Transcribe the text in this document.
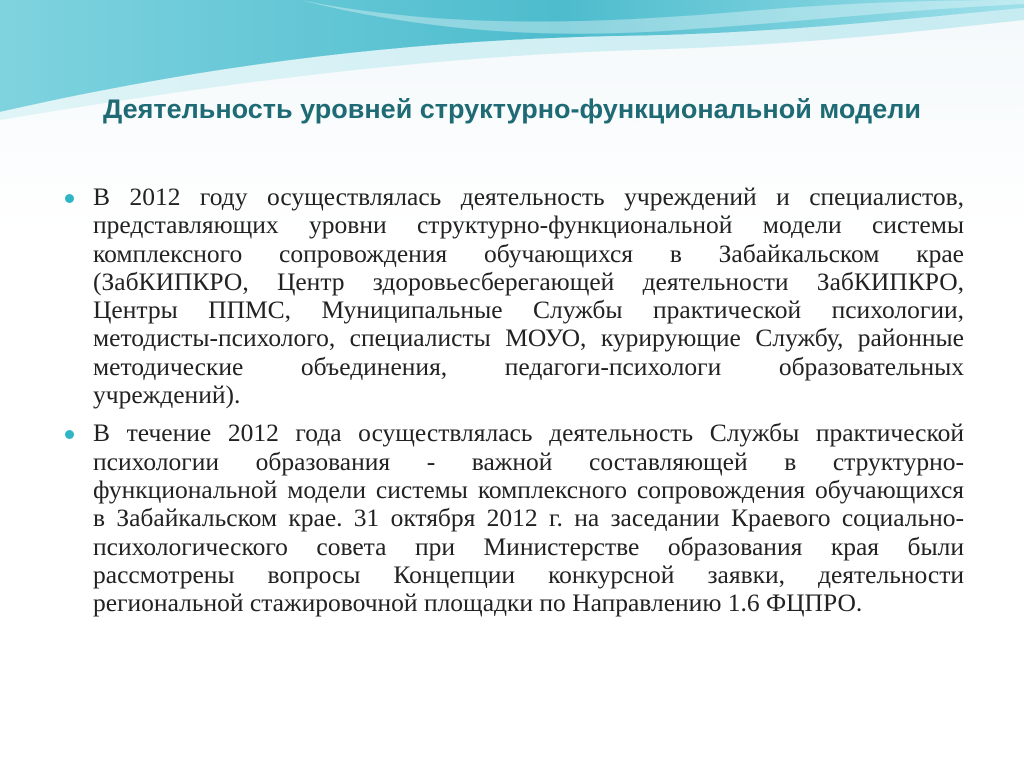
Деятельность уровней структурно-функциональной модели
В 2012 году осуществлялась деятельность учреждений и специалистов, представляющих уровни структурно-функциональной модели системы комплексного сопровождения обучающихся в Забайкальском крае (ЗабКИПКРО, Центр здоровьесберегающей деятельности ЗабКИПКРО, Центры ППМС, Муниципальные Службы практической психологии, методисты-психолого, специалисты МОУО, курирующие Службу, районные методические объединения, педагоги-психологи образовательных учреждений).
В течение 2012 года осуществлялась деятельность Службы практической психологии образования - важной составляющей в структурно-функциональной модели системы комплексного сопровождения обучающихся в Забайкальском крае. 31 октября 2012 г. на заседании Краевого социально-психологического совета при Министерстве образования края были рассмотрены вопросы Концепции конкурсной заявки, деятельности региональной стажировочной площадки по Направлению 1.6 ФЦПРО.
